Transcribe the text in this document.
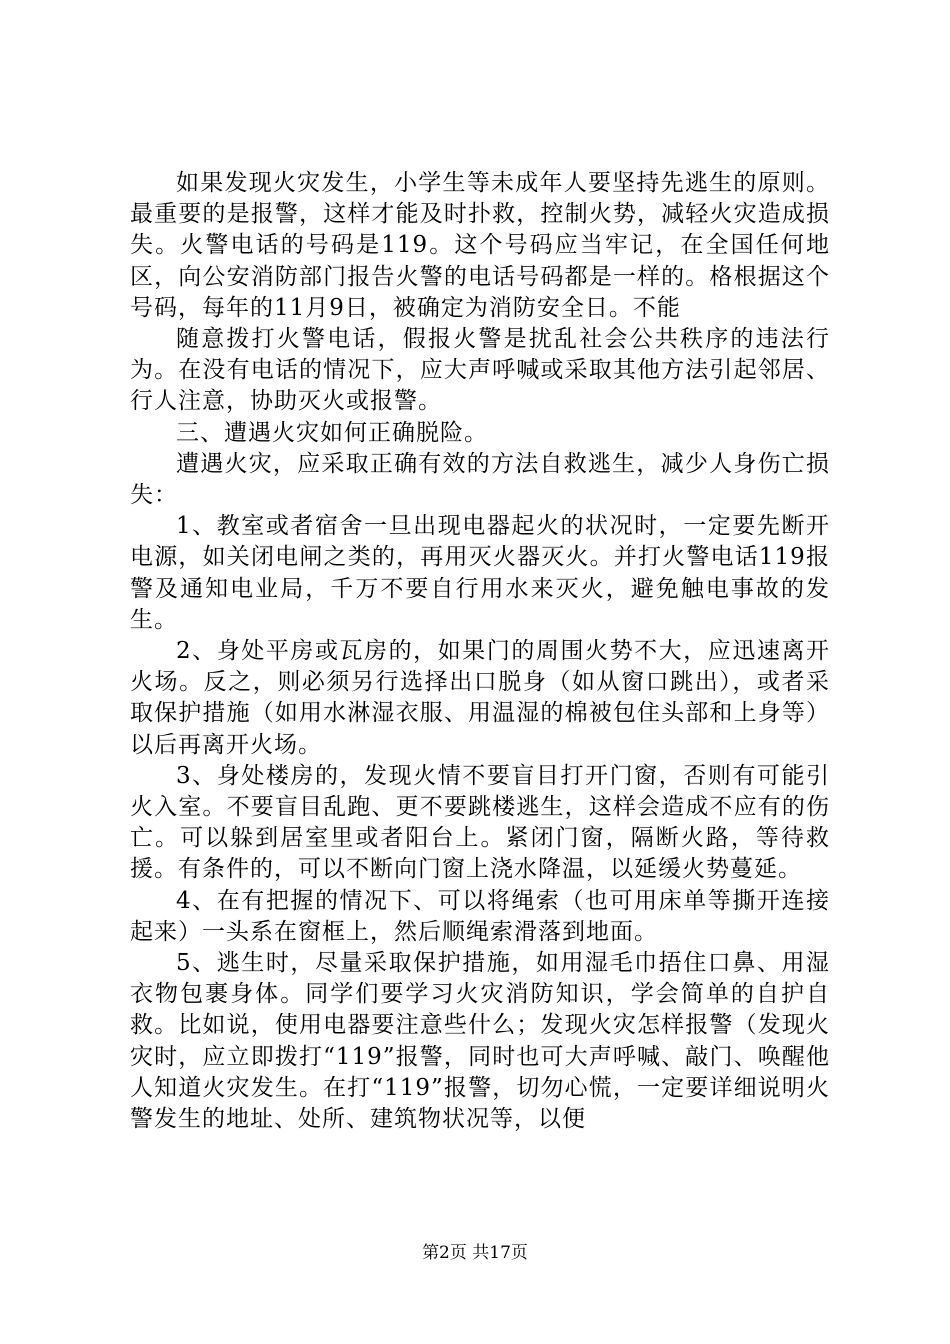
如果发现火灾发生，小学生等未成年人要坚持先逃生的原则。最重要的是报警，这样才能及时扑救，控制火势，减轻火灾造成损失。火警电话的号码是119。这个号码应当牢记，在全国任何地区，向公安消防部门报告火警的电话号码都是一样的。格根据这个号码，每年的11月9日，被确定为消防安全日。不能

随意拨打火警电话，假报火警是扰乱社会公共秩序的违法行为。在没有电话的情况下，应大声呼喊或采取其他方法引起邻居、行人注意，协助灭火或报警。

三、遭遇火灾如何正确脱险。

遭遇火灾，应采取正确有效的方法自救逃生，减少人身伤亡损失：

1、教室或者宿舍一旦出现电器起火的状况时，一定要先断开电源，如关闭电闸之类的，再用灭火器灭火。并打火警电话119报警及通知电业局，千万不要自行用水来灭火，避免触电事故的发生。

2、身处平房或瓦房的，如果门的周围火势不大，应迅速离开火场。反之，则必须另行选择出口脱身（如从窗口跳出），或者采取保护措施（如用水淋湿衣服、用温湿的棉被包住头部和上身等）以后再离开火场。

3、身处楼房的，发现火情不要盲目打开门窗，否则有可能引火入室。不要盲目乱跑、更不要跳楼逃生，这样会造成不应有的伤亡。可以躲到居室里或者阳台上。紧闭门窗，隔断火路，等待救援。有条件的，可以不断向门窗上浇水降温，以延缓火势蔓延。

4、在有把握的情况下、可以将绳索（也可用床单等撕开连接起来）一头系在窗框上，然后顺绳索滑落到地面。

5、逃生时，尽量采取保护措施，如用湿毛巾捂住口鼻、用湿衣物包裹身体。同学们要学习火灾消防知识，学会简单的自护自救。比如说，使用电器要注意些什么；发现火灾怎样报警（发现火灾时，应立即拨打“119”报警，同时也可大声呼喊、敲门、唤醒他人知道火灾发生。在打“119”报警，切勿心慌，一定要详细说明火警发生的地址、处所、建筑物状况等，以便

第2页 共17页
